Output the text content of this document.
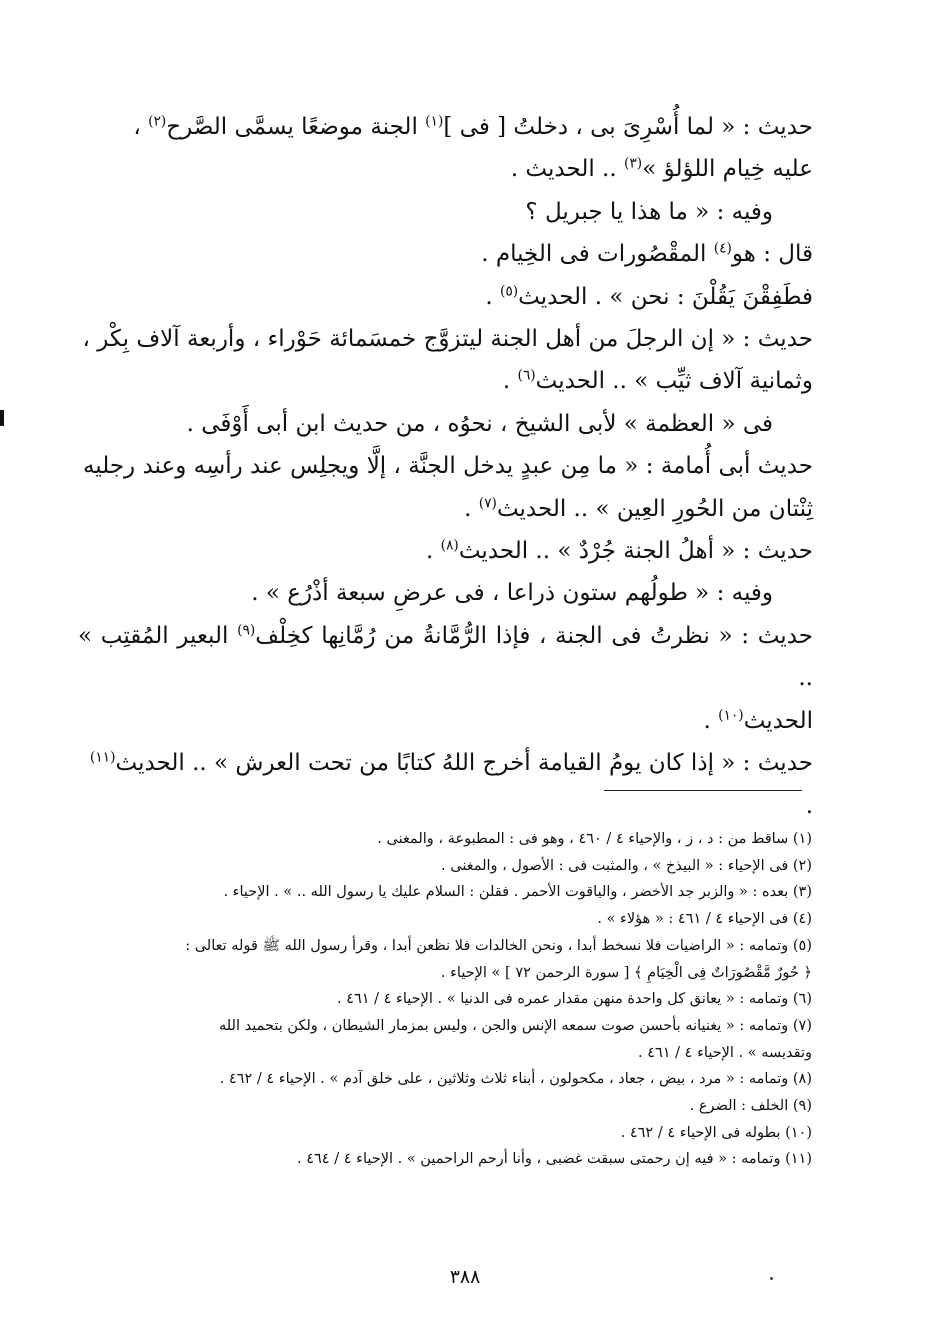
حديث : « لما أُسْرِىَ بى ، دخلتُ [ فى ]$^{(١)}$ الجنة موضعًا يسمَّى الصَّرح$^{(٢)}$ ،

عليه خِيام اللؤلؤ »$^{(٣)}$ .. الحديث .

وفيه : « ما هذا يا جبريل ؟

قال : هو$^{(٤)}$ المقْصُورات فى الخِيام .

فطَفِقْنَ يَقُلْنَ : نحن » . الحديث$^{(٥)}$ .

حديث : « إن الرجلَ من أهل الجنة ليتزوَّج خمسَمائة حَوْراء ، وأربعة آلاف بِكْر ،

وثمانية آلاف ثيِّب » .. الحديث$^{(٦)}$ .

فى « العظمة » لأبى الشيخ ، نحوُه ، من حديث ابن أبى أَوْفَى .

حديث أبى أُمامة : « ما مِن عبدٍ يدخل الجنَّة ، إلَّا ويجلِس عند رأسِه وعند رجليه

ثِنْتان من الحُورِ العِين » .. الحديث$^{(٧)}$ .

حديث : « أهلُ الجنة جُرْدٌ » .. الحديث$^{(٨)}$ .

وفيه : « طولُهم ستون ذراعا ، فى عرضِ سبعة أذْرُع » .

حديث : « نظرتُ فى الجنة ، فإذا الرُّمَّانةُ من رُمَّانِها كخِلْف$^{(٩)}$ البعير المُقتِب » ..

الحديث$^{(١٠)}$ .

حديث : « إذا كان يومُ القيامة أخرج اللهُ كتابًا من تحت العرش » .. الحديث$^{(١١)}$ .

(١) ساقط من : د ، ز ، والإحياء ٤ / ٤٦٠ ، وهو فى : المطبوعة ، والمغنى .

(٢) فى الإحياء : « البيذخ » ، والمثبت فى : الأصول ، والمغنى .

(٣) بعده : « والزبر جد الأخضر ، والياقوت الأحمر . فقلن : السلام عليك يا رسول الله .. » . الإحياء .

(٤) فى الإحياء ٤ / ٤٦١ : « هؤلاء » .

(٥) وتمامه : « الراضيات فلا نسخط أبدا ، ونحن الخالدات فلا نظعن أبدا ، وقرأ رسول الله ﷺ قوله تعالى :

﴿ حُورٌ مَّقْصُورَاتٌ فِى الْخِيَامِ ﴾ [ سورة الرحمن ٧٢ ] » الإحياء .

(٦) وتمامه : « يعانق كل واحدة منهن مقدار عمره فى الدنيا » . الإحياء ٤ / ٤٦١ .

(٧) وتمامه : « يغنيانه بأحسن صوت سمعه الإنس والجن ، وليس بمزمار الشيطان ، ولكن بتحميد الله

وتقديسه » . الإحياء ٤ / ٤٦١ .

(٨) وتمامه : « مرد ، بيض ، جعاد ، مكحولون ، أبناء ثلاث وثلاثين ، على خلق آدم » . الإحياء ٤ / ٤٦٢ .

(٩) الخلف : الضرع .

(١٠) بطوله فى الإحياء ٤ / ٤٦٢ .

(١١) وتمامه : « فيه إن رحمتى سبقت غضبى ، وأنا أرحم الراحمين » . الإحياء ٤ / ٤٦٤ .

٣٨٨
